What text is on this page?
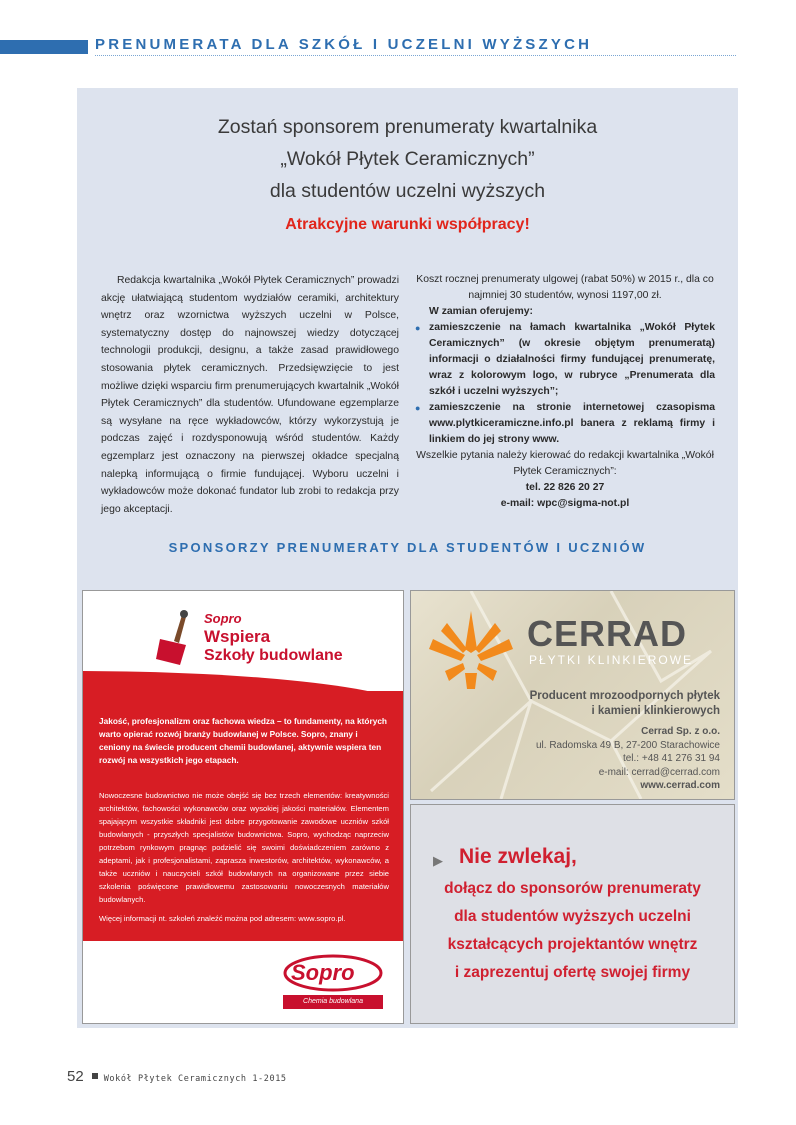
PRENUMERATA DLA SZKÓŁ I UCZELNI WYŻSZYCH
Zostań sponsorem prenumeraty kwartalnika
„Wokół Płytek Ceramicznych”
dla studentów uczelni wyższych
Atrakcyjne warunki współpracy!

Redakcja kwartalnika „Wokół Płytek Ceramicznych” prowadzi akcję ułatwiającą studentom wydziałów ceramiki, architektury wnętrz oraz wzornictwa wyższych uczelni w Polsce, systematyczny dostęp do najnowszej wiedzy dotyczącej technologii produkcji, designu, a także zasad prawidłowego stosowania płytek ceramicznych. Przedsięwzięcie to jest możliwe dzięki wsparciu firm prenumerujących kwartalnik „Wokół Płytek Ceramicznych” dla studentów. Ufundowane egzemplarze są wysyłane na ręce wykładowców, którzy wykorzystują je podczas zajęć i rozdysponowują wśród studentów. Każdy egzemplarz jest oznaczony na pierwszej okładce specjalną nalepką informującą o firmie fundującej. Wyboru uczelni i wykładowców może dokonać fundator lub zrobi to redakcja przy jego akceptacji.

Koszt rocznej prenumeraty ulgowej (rabat 50%) w 2015 r., dla co najmniej 30 studentów, wynosi 1197,00 zł.

W zamian oferujemy:

● zamieszczenie na łamach kwartalnika „Wokół Płytek Ceramicznych” (w okresie objętym prenumeratą) informacji o działalności firmy fundującej prenumeratę, wraz z kolorowym logo, w rubryce „Prenumerata dla szkół i uczelni wyższych”;
● zamieszczenie na stronie internetowej czasopisma www.plytkiceramiczne.info.pl banera z reklamą firmy i linkiem do jej strony www.

Wszelkie pytania należy kierować do redakcji kwartalnika „Wokół Płytek Ceramicznych”:

tel. 22 826 20 27

e-mail: wpc@sigma-not.pl

SPONSORZY PRENUMERATY DLA STUDENTÓW I UCZNIÓW
Sopro
Wspiera
Szkoły budowlane
Jakość, profesjonalizm oraz fachowa wiedza – to fundamenty, na których warto opierać rozwój branży budowlanej w Polsce. Sopro, znany i ceniony na świecie producent chemii budowlanej, aktywnie wspiera ten rozwój na wszystkich jego etapach.
Nowoczesne budownictwo nie może obejść się bez trzech elementów: kreatywności architektów, fachowości wykonawców oraz wysokiej jakości materiałów. Elementem spajającym wszystkie składniki jest dobre przygotowanie zawodowe uczniów szkół budowlanych - przyszłych specjalistów budownictwa. Sopro, wychodząc naprzeciw potrzebom rynkowym pragnąc podzielić się swoimi doświadczeniem zarówno z adeptami, jak i profesjonalistami, zaprasza inwestorów, architektów, wykonawców, a także uczniów i nauczycieli szkół budowlanych na organizowane przez siebie szkolenia poświęcone prawidłowemu zastosowaniu nowoczesnych materiałów budowlanych.
Więcej informacji nt. szkoleń znaleźć można pod adresem: www.sopro.pl.
Sopro
Chemia budowlana
CERRAD
PŁYTKI KLINKIEROWE
Producent mrozoodpornych płytek
i kamieni klinkierowych
Cerrad Sp. z o.o.
ul. Radomska 49 B, 27-200 Starachowice
tel.: +48 41 276 31 94
e-mail: cerrad@cerrad.com
www.cerrad.com
▶ Nie zwlekaj,
dołącz do sponsorów prenumeraty
dla studentów wyższych uczelni
kształcących projektantów wnętrz
i zaprezentuj ofertę swojej firmy
52 Wokół Płytek Ceramicznych 1-2015
